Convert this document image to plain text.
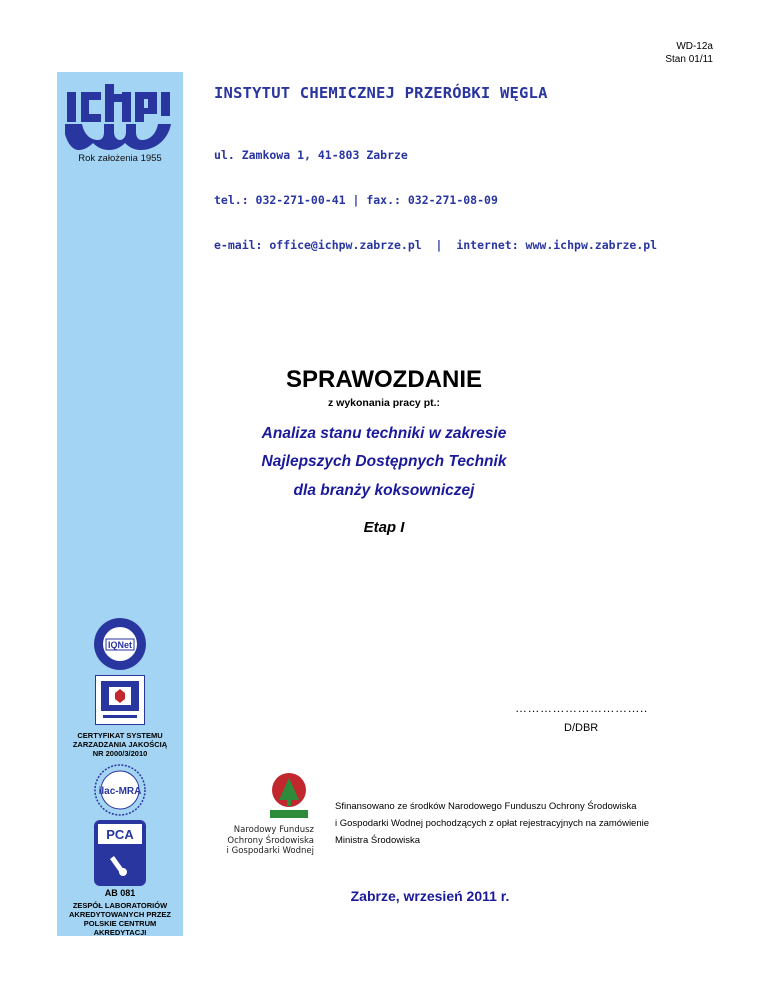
WD-12a
Stan 01/11
Rok założenia 1955
INSTYTUT CHEMICZNEJ PRZERÓBKI WĘGLA

ul. Zamkowa 1, 41-803 Zabrze

tel.: 032-271-00-41 | fax.: 032-271-08-09

e-mail: office@ichpw.zabrze.pl  |  internet: www.ichpw.zabrze.pl

SPRAWOZDANIE
z wykonania pracy pt.:
Analiza stanu techniki w zakresie
Najlepszych Dostępnych Technik
dla branży koksowniczej
Etap I
…………………………..
D/DBR
IQNet
CERTYFIKAT SYSTEMU
ZARZADZANIA JAKOŚCIĄ
NR 2000/3/2010
ilac-MRA
PCA
AB 081
ZESPÓŁ LABORATORIÓW
AKREDYTOWANYCH PRZEZ
POLSKIE CENTRUM AKREDYTACJI
Narodowy Fundusz
Ochrony Środowiska
i Gospodarki Wodnej
Sfinansowano ze środków Narodowego Funduszu Ochrony Środowiska
i Gospodarki Wodnej pochodzących z opłat rejestracyjnych na zamówienie
Ministra Środowiska
Zabrze, wrzesień 2011 r.
